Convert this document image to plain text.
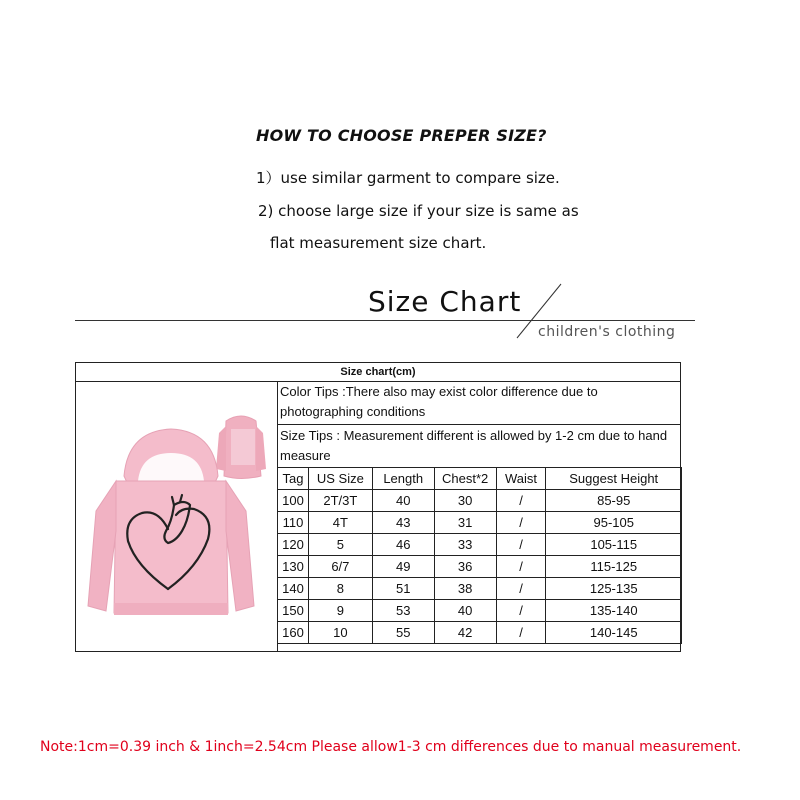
HOW TO CHOOSE PREPER SIZE?
1）use similar garment to compare size.
2) choose large size if your size is same as
flat measurement size chart.
Size Chart
children's clothing
Size chart(cm)
Color Tips :There also may exist color difference due to photographing conditions
Size Tips : Measurement different is allowed by 1-2 cm due to hand measure
Tag	US Size	Length	Chest*2	Waist	Suggest Height
100	2T/3T	40	30	/	85-95
110	4T	43	31	/	95-105
120	5	46	33	/	105-115
130	6/7	49	36	/	115-125
140	8	51	38	/	125-135
150	9	53	40	/	135-140
160	10	55	42	/	140-145
Note:1cm=0.39 inch & 1inch=2.54cm Please allow1-3 cm differences due to manual measurement.
